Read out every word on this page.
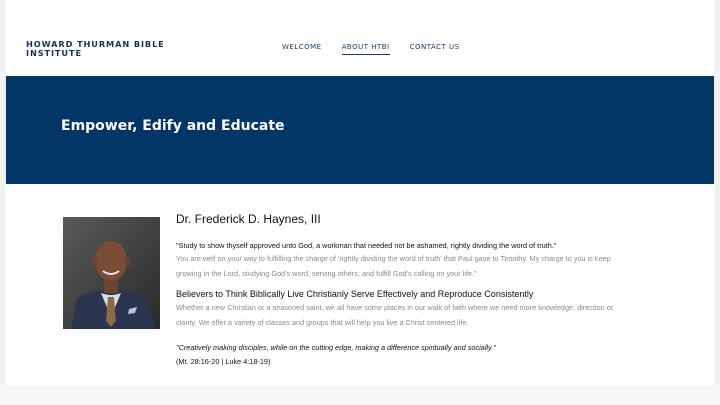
HOWARD THURMAN BIBLE INSTITUTE
WELCOME	ABOUT HTBI	CONTACT US
Empower, Edify and Educate
Dr. Frederick D. Haynes, III
"Study to show thyself approved unto God, a workman that needed not be ashamed, rightly dividing the word of truth."
You are well on your way to fulfilling the charge of 'rightly dividing the word of truth' that Paul gave to Timothy. My charge to you is keep
growing in the Lord, studying God's word, serving others, and fulfill God's calling on your life."
Believers to Think Biblically Live Christianly Serve Effectively and Reproduce Consistently
Whether a new Christian or a seasoned saint, we all have some places in our walk of faith where we need more knowledge, direction or
clarity. We offer a variety of classes and groups that will help you live a Christ centered life.
"Creatively making disciples, while on the cutting edge, making a difference spiritually and socially."
(Mt. 28:16-20 | Luke 4:18-19)
